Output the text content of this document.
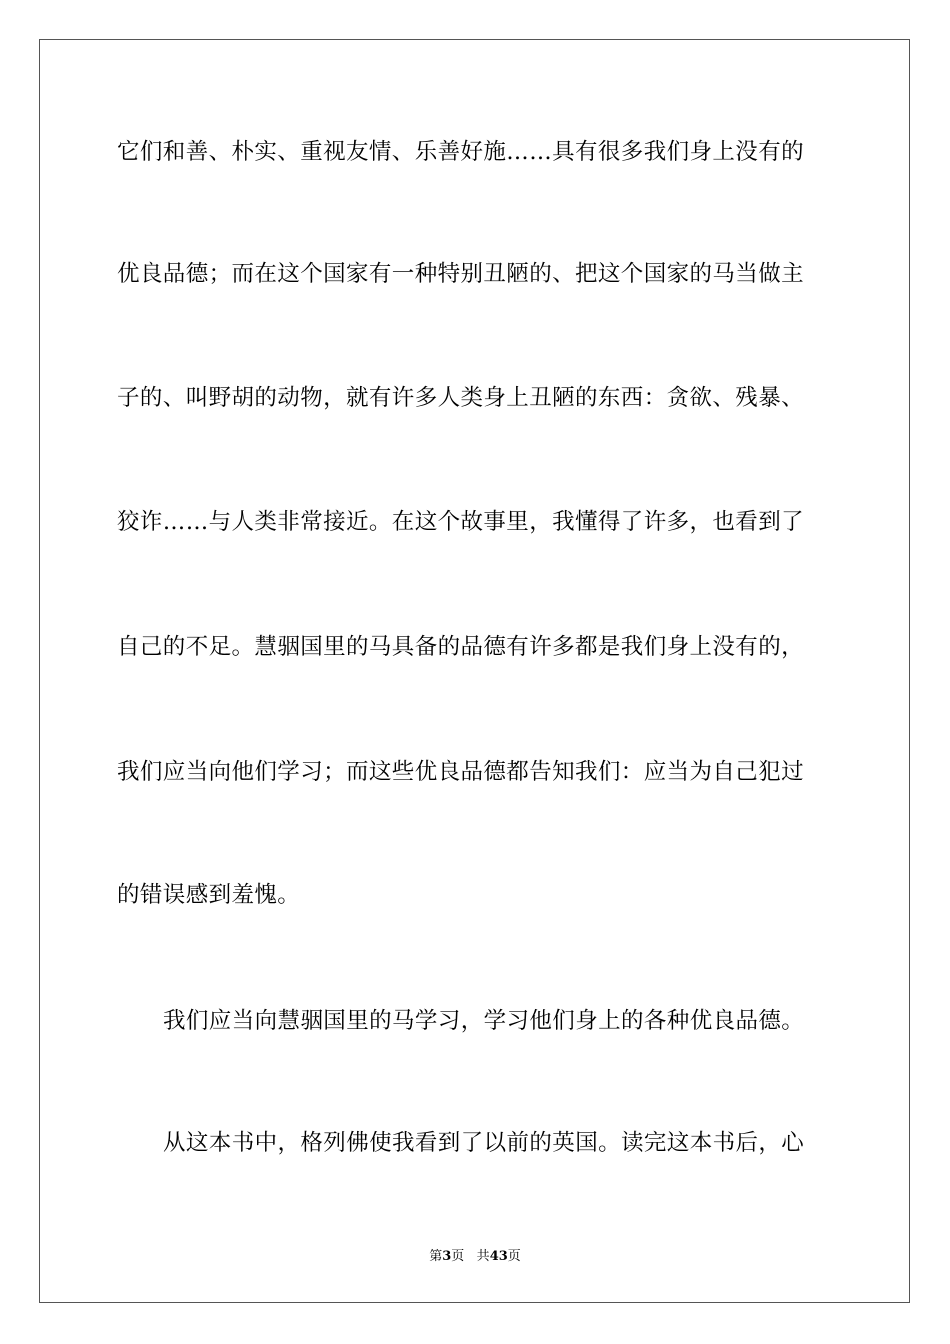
它们和善、朴实、重视友情、乐善好施……具有很多我们身上没有的
优良品德；而在这个国家有一种特别丑陋的、把这个国家的马当做主
子的、叫野胡的动物，就有许多人类身上丑陋的东西：贪欲、残暴、
狡诈……与人类非常接近。在这个故事里，我懂得了许多，也看到了
自己的不足。慧骃国里的马具备的品德有许多都是我们身上没有的，
我们应当向他们学习；而这些优良品德都告知我们：应当为自己犯过
的错误感到羞愧。
我们应当向慧骃国里的马学习，学习他们身上的各种优良品德。
从这本书中，格列佛使我看到了以前的英国。读完这本书后，心
第3页 共43页
